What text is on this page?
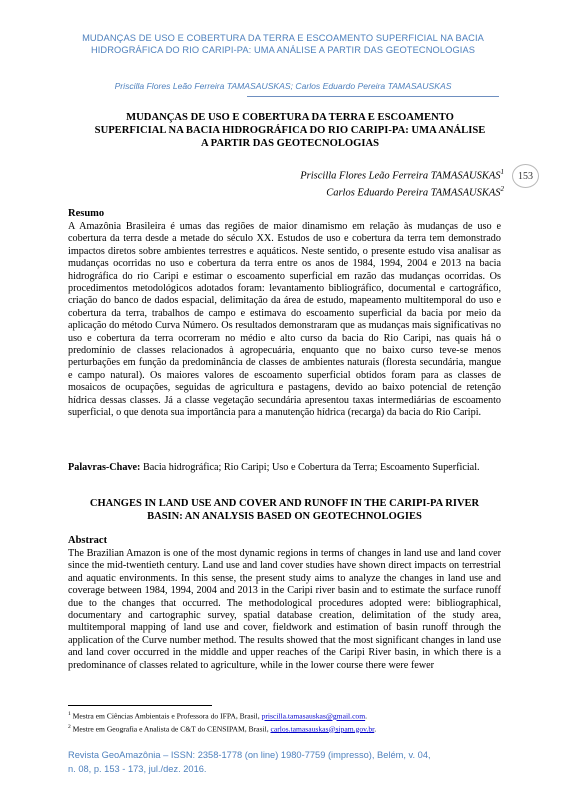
MUDANÇAS DE USO E COBERTURA DA TERRA E ESCOAMENTO SUPERFICIAL NA BACIA
HIDROGRÁFICA DO RIO CARIPI-PA: UMA ANÁLISE A PARTIR DAS GEOTECNOLOGIAS
Priscilla Flores Leão Ferreira TAMASAUSKAS; Carlos Eduardo Pereira TAMASAUSKAS
MUDANÇAS DE USO E COBERTURA DA TERRA E ESCOAMENTO
SUPERFICIAL NA BACIA HIDROGRÁFICA DO RIO CARIPI-PA: UMA ANÁLISE
A PARTIR DAS GEOTECNOLOGIAS
Priscilla Flores Leão Ferreira TAMASAUSKAS$^1$
Carlos Eduardo Pereira TAMASAUSKAS$^2$
153
Resumo

A Amazônia Brasileira é umas das regiões de maior dinamismo em relação às mudanças de uso e cobertura da terra desde a metade do século XX. Estudos de uso e cobertura da terra tem demonstrado impactos diretos sobre ambientes terrestres e aquáticos. Neste sentido, o presente estudo visa analisar as mudanças ocorridas no uso e cobertura da terra entre os anos de 1984, 1994, 2004 e 2013 na bacia hidrográfica do rio Caripi e estimar o escoamento superficial em razão das mudanças ocorridas. Os procedimentos metodológicos adotados foram: levantamento bibliográfico, documental e cartográfico, criação do banco de dados espacial, delimitação da área de estudo, mapeamento multitemporal do uso e cobertura da terra, trabalhos de campo e estimava do escoamento superficial da bacia por meio da aplicação do método Curva Número. Os resultados demonstraram que as mudanças mais significativas no uso e cobertura da terra ocorreram no médio e alto curso da bacia do Rio Caripi, nas quais há o predomínio de classes relacionados à agropecuária, enquanto que no baixo curso teve-se menos perturbações em função da predominância de classes de ambientes naturais (floresta secundária, mangue e campo natural). Os maiores valores de escoamento superficial obtidos foram para as classes de mosaicos de ocupações, seguidas de agricultura e pastagens, devido ao baixo potencial de retenção hídrica dessas classes. Já a classe vegetação secundária apresentou taxas intermediárias de escoamento superficial, o que denota sua importância para a manutenção hídrica (recarga) da bacia do Rio Caripi.

Palavras-Chave: Bacia hidrográfica; Rio Caripi; Uso e Cobertura da Terra; Escoamento Superficial.

CHANGES IN LAND USE AND COVER AND RUNOFF IN THE CARIPI-PA RIVER
BASIN: AN ANALYSIS BASED ON GEOTECHNOLOGIES
Abstract

The Brazilian Amazon is one of the most dynamic regions in terms of changes in land use and land cover since the mid-twentieth century. Land use and land cover studies have shown direct impacts on terrestrial and aquatic environments. In this sense, the present study aims to analyze the changes in land use and coverage between 1984, 1994, 2004 and 2013 in the Caripi river basin and to estimate the surface runoff due to the changes that occurred. The methodological procedures adopted were: bibliographical, documentary and cartographic survey, spatial database creation, delimitation of the study area, multitemporal mapping of land use and cover, fieldwork and estimation of basin runoff through the application of the Curve number method. The results showed that the most significant changes in land use and land cover occurred in the middle and upper reaches of the Caripi River basin, in which there is a predominance of classes related to agriculture, while in the lower course there were fewer

$^1$ Mestra em Ciências Ambientais e Professora do IFPA, Brasil, priscilla.tamasauskas@gmail.com.
$^2$ Mestre em Geografia e Analista de C&T do CENSIPAM, Brasil, carlos.tamasauskas@sipam.gov.br.
Revista GeoAmazônia – ISSN: 2358-1778 (on line) 1980-7759 (impresso), Belém, v. 04,
n. 08, p. 153 - 173, jul./dez. 2016.
